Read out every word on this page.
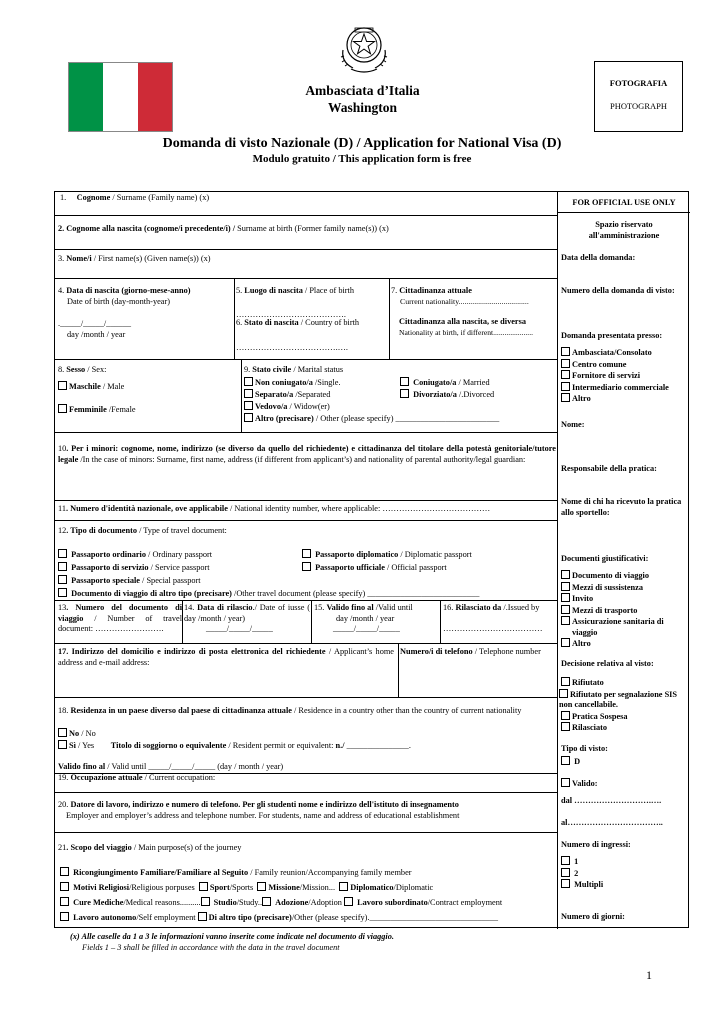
Ambasciata d’Italia
Washington
FOTOGRAFIA
PHOTOGRAPH
Domanda di visto Nazionale (D) / Application for National Visa (D)
Modulo gratuito / This application form is free
1. Cognome / Surname (Family name) (x)
2. Cognome alla nascita (cognome/i precedente/i) / Surname at birth (Former family name(s)) (x)
3. Nome/i / First name(s) (Given name(s)) (x)
4. Data di nascita (giorno-mese-anno)
Date of birth (day-month-year)
._____/_____/______
day /month / year
5. Luogo di nascita / Place of birth
………………………………….
6. Stato di nascita / Country of birth
……………………………….….
7. Cittadinanza attuale
Current nationality....................................
Cittadinanza alla nascita, se diversa
Nationality at birth, if different.....................
8. Sesso / Sex:
Maschile / Male
Femminile /Female
9. Stato civile / Marital status
Non coniugato/a /Single.	Coniugato/a / Married
Separato/a /Separated	Divorziato/a /.Divorced
Vedovo/a / Widow(er)
Altro (precisare) / Other (please specify) _________________________
10. Per i minori: cognome, nome, indirizzo (se diverso da quello del richiedente) e cittadinanza del titolare della potestà genitoriale/tutore legale /In the case of minors: Surname, first name, address (if different from applicant’s) and nationality of parental authority/legal guardian:
11. Numero d'identità nazionale, ove applicabile / National identity number, where applicable: …………………………………
12. Tipo di documento / Type of travel document:
Passaporto ordinario / Ordinary passport	Passaporto diplomatico / Diplomatic passport
Passaporto di servizio / Service passport	Passaporto ufficiale / Official passport
Passaporto speciale / Special passport
Documento di viaggio di altro tipo (precisare) /Other travel document (please specify) ___________________________
13. Numero del documento di viaggio / Number of travel document: …………………….
14. Data di rilascio./ Date of iusse ( day /month / year)
_____/_____/_____
15. Valido fino al /Valid until
day /month / year
_____/_____/_____
16. Rilasciato da /.Issued by
………………………………
17. Indirizzo del domicilio e indirizzo di posta elettronica del richiedente / Applicant’s home address and e-mail address:
Numero/i di telefono / Telephone number
18. Residenza in un paese diverso dal paese di cittadinanza attuale / Residence in a country other than the country of current nationality
No / No
Sì / Yes Titolo di soggiorno o equivalente / Resident permit or equivalent: n./ _______________.
Valido fino al / Valid until _____/_____/_____ (day / month / year)
19. Occupazione attuale / Current occupation:
20. Datore di lavoro, indirizzo e numero di telefono. Per gli studenti nome e indirizzo dell'istituto di insegnamento
Employer and employer’s address and telephone number. For students, name and address of educational establishment
21. Scopo del viaggio / Main purpose(s) of the journey
Ricongiungimento Familiare/Familiare al Seguito / Family reunion/Accompanying family member
Motivi Religiosi/Religious porpuses Sport/Sports Missione/Mission... Diplomatico/Diplomatic
Cure Mediche/Medical reasons.......... Studio/Study.. Adozione/Adoption Lavoro subordinato/Contract employment
Lavoro autonomo/Self employment Di altro tipo (precisare)/Other (please specify)._______________________________
FOR OFFICIAL USE ONLY
Spazio riservato all'amministrazione
Data della domanda:
Numero della domanda di visto:
Domanda presentata presso:
Ambasciata/Consolato
Centro comune
Fornitore di servizi
Intermediario commerciale
Altro
Nome:
Responsabile della pratica:
Nome di chi ha ricevuto la pratica allo sportello:
Documenti giustificativi:
Documento di viaggio
Mezzi di sussistenza
Invito
Mezzi di trasporto
Assicurazione sanitaria di viaggio
Altro
Decisione relativa al visto:
Rifiutato
Rifiutato per segnalazione SIS non cancellabile.
Pratica Sospesa
Rilasciato
Tipo di visto:
D
Valido:
dal ……………………….….
al……………………………..
Numero di ingressi:
1
2
Multipli
Numero di giorni:
(x) Alle caselle da 1 a 3 le informazioni vanno inserite come indicate nel documento di viaggio.
Fields 1 – 3 shall be filled in accordance with the data in the travel document
1
